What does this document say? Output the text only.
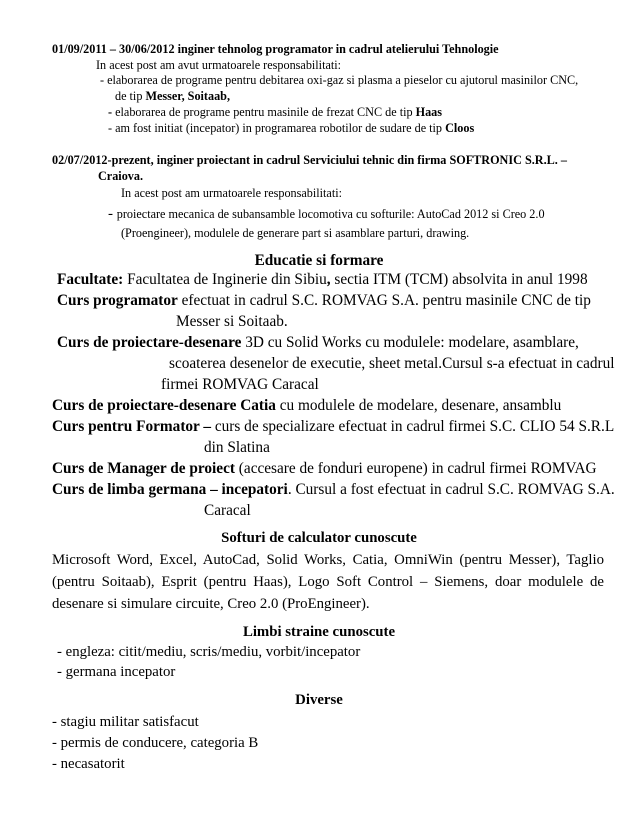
01/09/2011 – 30/06/2012 inginer tehnolog programator in cadrul atelierului Tehnologie
In acest post am avut urmatoarele responsabilitati:
- elaborarea de programe pentru debitarea oxi-gaz si plasma a pieselor cu ajutorul masinilor CNC,
de tip Messer, Soitaab,
- elaborarea de programe pentru masinile de frezat CNC de tip Haas
- am fost initiat (incepator) in programarea robotilor de sudare de tip Cloos
02/07/2012-prezent, inginer proiectant in cadrul Serviciului tehnic din firma SOFTRONIC S.R.L. –
Craiova.
In acest post am urmatoarele responsabilitati:
- proiectare mecanica de subansamble locomotiva cu softurile: AutoCad 2012 si Creo 2.0
(Proengineer), modulele de generare part si asamblare parturi, drawing.
Educatie si formare
Facultate: Facultatea de Inginerie din Sibiu, sectia ITM (TCM) absolvita in anul 1998
Curs programator efectuat in cadrul S.C. ROMVAG S.A. pentru masinile CNC de tip
Messer si Soitaab.
Curs de proiectare-desenare 3D cu Solid Works cu modulele: modelare, asamblare,
scoaterea desenelor de executie, sheet metal.Cursul s-a efectuat in cadrul
firmei ROMVAG Caracal
Curs de proiectare-desenare Catia cu modulele de modelare, desenare, ansamblu
Curs pentru Formator – curs de specializare efectuat in cadrul firmei S.C. CLIO 54 S.R.L
din Slatina
Curs de Manager de proiect (accesare de fonduri europene) in cadrul firmei ROMVAG
Curs de limba germana – incepatori. Cursul a fost efectuat in cadrul S.C. ROMVAG S.A.
Caracal
Softuri de calculator cunoscute
Microsoft Word, Excel, AutoCad, Solid Works, Catia, OmniWin (pentru Messer), Taglio
(pentru Soitaab), Esprit (pentru Haas), Logo Soft Control – Siemens, doar modulele de
desenare si simulare circuite, Creo 2.0 (ProEngineer).
Limbi straine cunoscute
- engleza: citit/mediu, scris/mediu, vorbit/incepator
- germana incepator
Diverse
- stagiu militar satisfacut
- permis de conducere, categoria B
- necasatorit
